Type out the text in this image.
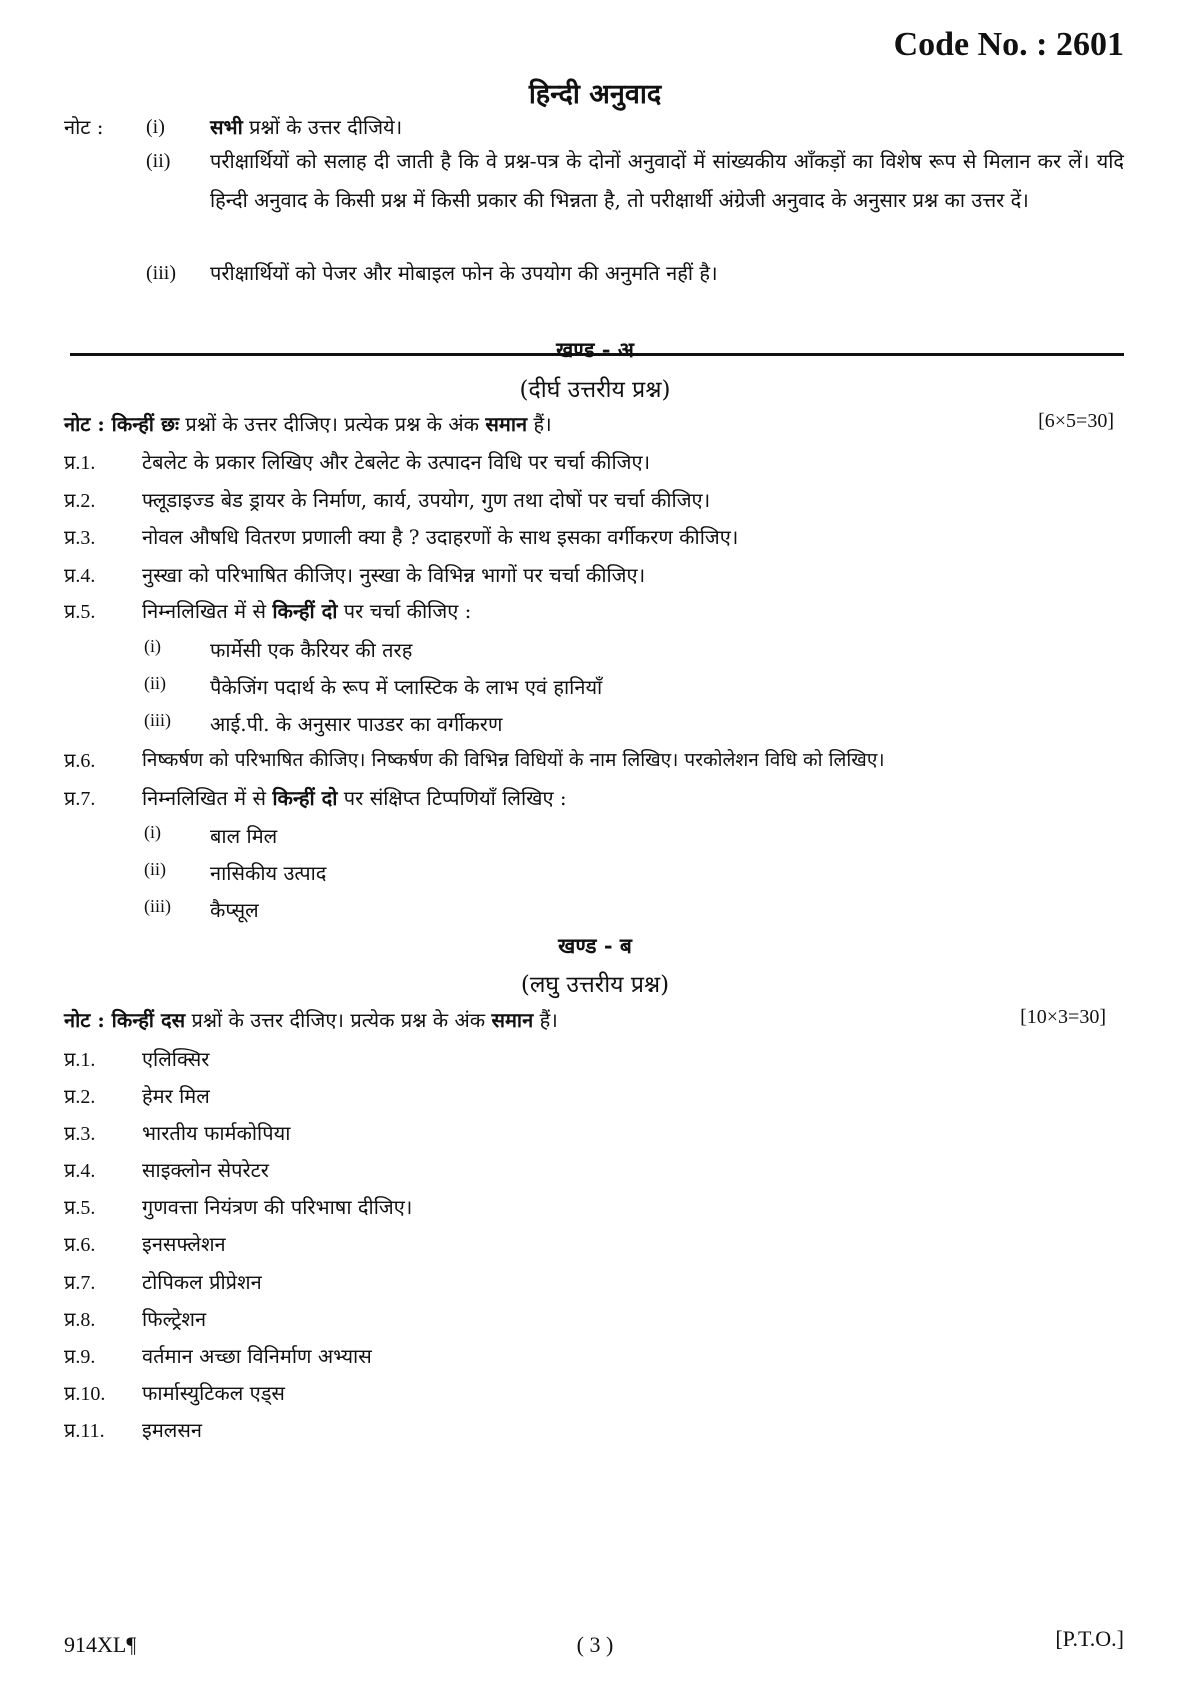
Code No. : 2601
हिन्दी अनुवाद
नोट :	(i) सभी प्रश्नों के उत्तर दीजिये।
(ii) परीक्षार्थियों को सलाह दी जाती है कि वे प्रश्न-पत्र के दोनों अनुवादों में सांख्यकीय आँकड़ों का विशेष रूप से मिलान कर लें। यदि हिन्दी अनुवाद के किसी प्रश्न में किसी प्रकार की भिन्नता है, तो परीक्षार्थी अंग्रेजी अनुवाद के अनुसार प्रश्न का उत्तर दें।
(iii) परीक्षार्थियों को पेजर और मोबाइल फोन के उपयोग की अनुमति नहीं है।
खण्ड - अ
(दीर्घ उत्तरीय प्रश्न)
नोट : किन्हीं छः प्रश्नों के उत्तर दीजिए। प्रत्येक प्रश्न के अंक समान हैं।	[6×5=30]
प्र.1. टेबलेट के प्रकार लिखिए और टेबलेट के उत्पादन विधि पर चर्चा कीजिए।
प्र.2. फ्लूडाइज्ड बेड ड्रायर के निर्माण, कार्य, उपयोग, गुण तथा दोषों पर चर्चा कीजिए।
प्र.3. नोवल औषधि वितरण प्रणाली क्या है ? उदाहरणों के साथ इसका वर्गीकरण कीजिए।
प्र.4. नुस्खा को परिभाषित कीजिए। नुस्खा के विभिन्न भागों पर चर्चा कीजिए।
प्र.5. निम्नलिखित में से किन्हीं दो पर चर्चा कीजिए :
(i) फार्मेसी एक कैरियर की तरह
(ii) पैकेजिंग पदार्थ के रूप में प्लास्टिक के लाभ एवं हानियाँ
(iii) आई.पी. के अनुसार पाउडर का वर्गीकरण
प्र.6. निष्कर्षण को परिभाषित कीजिए। निष्कर्षण की विभिन्न विधियों के नाम लिखिए। परकोलेशन विधि को लिखिए।
प्र.7. निम्नलिखित में से किन्हीं दो पर संक्षिप्त टिप्पणियाँ लिखिए :
(i) बाल मिल
(ii) नासिकीय उत्पाद
(iii) कैप्सूल
खण्ड - ब
(लघु उत्तरीय प्रश्न)
नोट : किन्हीं दस प्रश्नों के उत्तर दीजिए। प्रत्येक प्रश्न के अंक समान हैं।	[10×3=30]
प्र.1. एलिक्सिर
प्र.2. हेमर मिल
प्र.3. भारतीय फार्मकोपिया
प्र.4. साइक्लोन सेपरेटर
प्र.5. गुणवत्ता नियंत्रण की परिभाषा दीजिए।
प्र.6. इनसफ्लेशन
प्र.7. टोपिकल प्रीप्रेशन
प्र.8. फिल्ट्रेशन
प्र.9. वर्तमान अच्छा विनिर्माण अभ्यास
प्र.10. फार्मास्युटिकल एड्स
प्र.11. इमलसन
914XL¶	( 3 )	[P.T.O.]
